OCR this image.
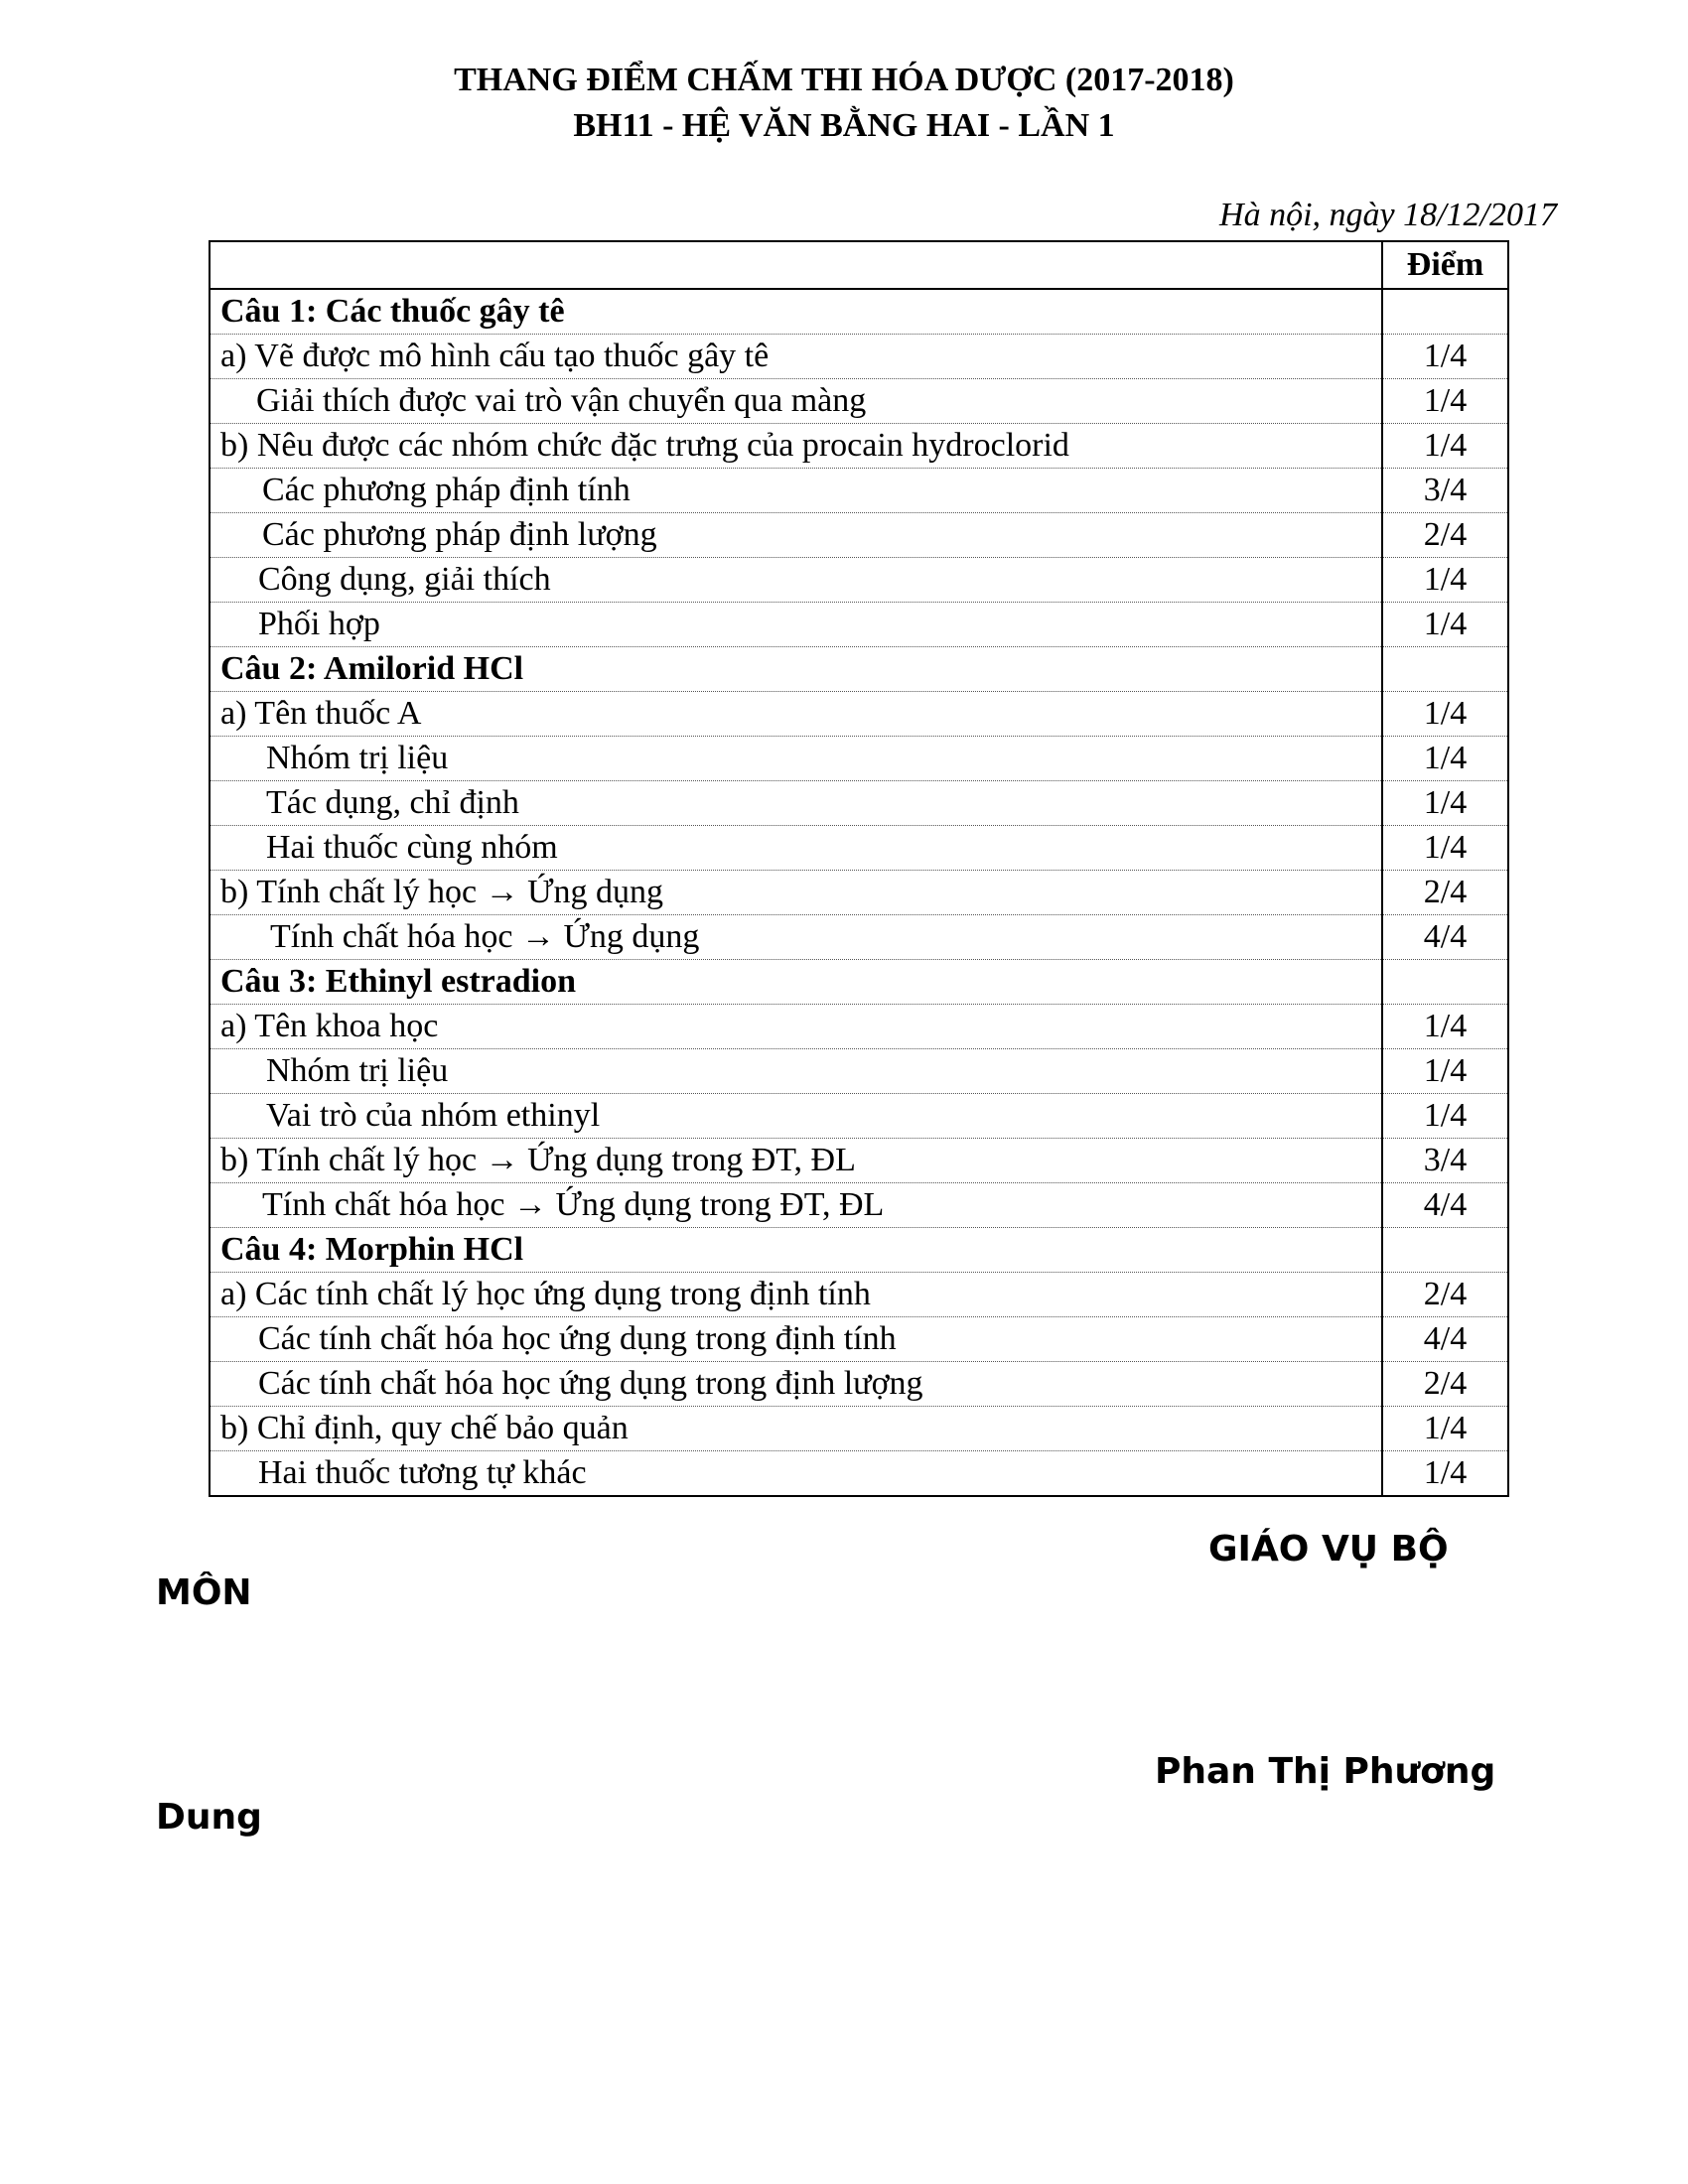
THANG ĐIỂM CHẤM THI HÓA DƯỢC (2017-2018)
BH11 - HỆ VĂN BẰNG HAI - LẦN 1
Hà nội, ngày 18/12/2017
	Điểm
Câu 1: Các thuốc gây tê	
a) Vẽ được mô hình cấu tạo thuốc gây tê	1/4
Giải thích được vai trò vận chuyển qua màng	1/4
b) Nêu được các nhóm chức đặc trưng của procain hydroclorid	1/4
Các phương pháp định tính	3/4
Các phương pháp định lượng	2/4
Công dụng, giải thích	1/4
Phối hợp	1/4
Câu 2: Amilorid HCl	
a) Tên thuốc A	1/4
Nhóm trị liệu	1/4
Tác dụng, chỉ định	1/4
Hai thuốc cùng nhóm	1/4
b) Tính chất lý học → Ứng dụng	2/4
Tính chất hóa học → Ứng dụng	4/4
Câu 3: Ethinyl estradion	
a) Tên khoa học	1/4
Nhóm trị liệu	1/4
Vai trò của nhóm ethinyl	1/4
b) Tính chất lý học → Ứng dụng trong ĐT, ĐL	3/4
Tính chất hóa học → Ứng dụng trong ĐT, ĐL	4/4
Câu 4: Morphin HCl	
a) Các tính chất lý học ứng dụng trong định tính	2/4
Các tính chất hóa học ứng dụng trong định tính	4/4
Các tính chất hóa học ứng dụng trong định lượng	2/4
b) Chỉ định, quy chế bảo quản	1/4
Hai thuốc tương tự khác	1/4
GIÁO VỤ BỘ
MÔN
Phan Thị Phương
Dung
